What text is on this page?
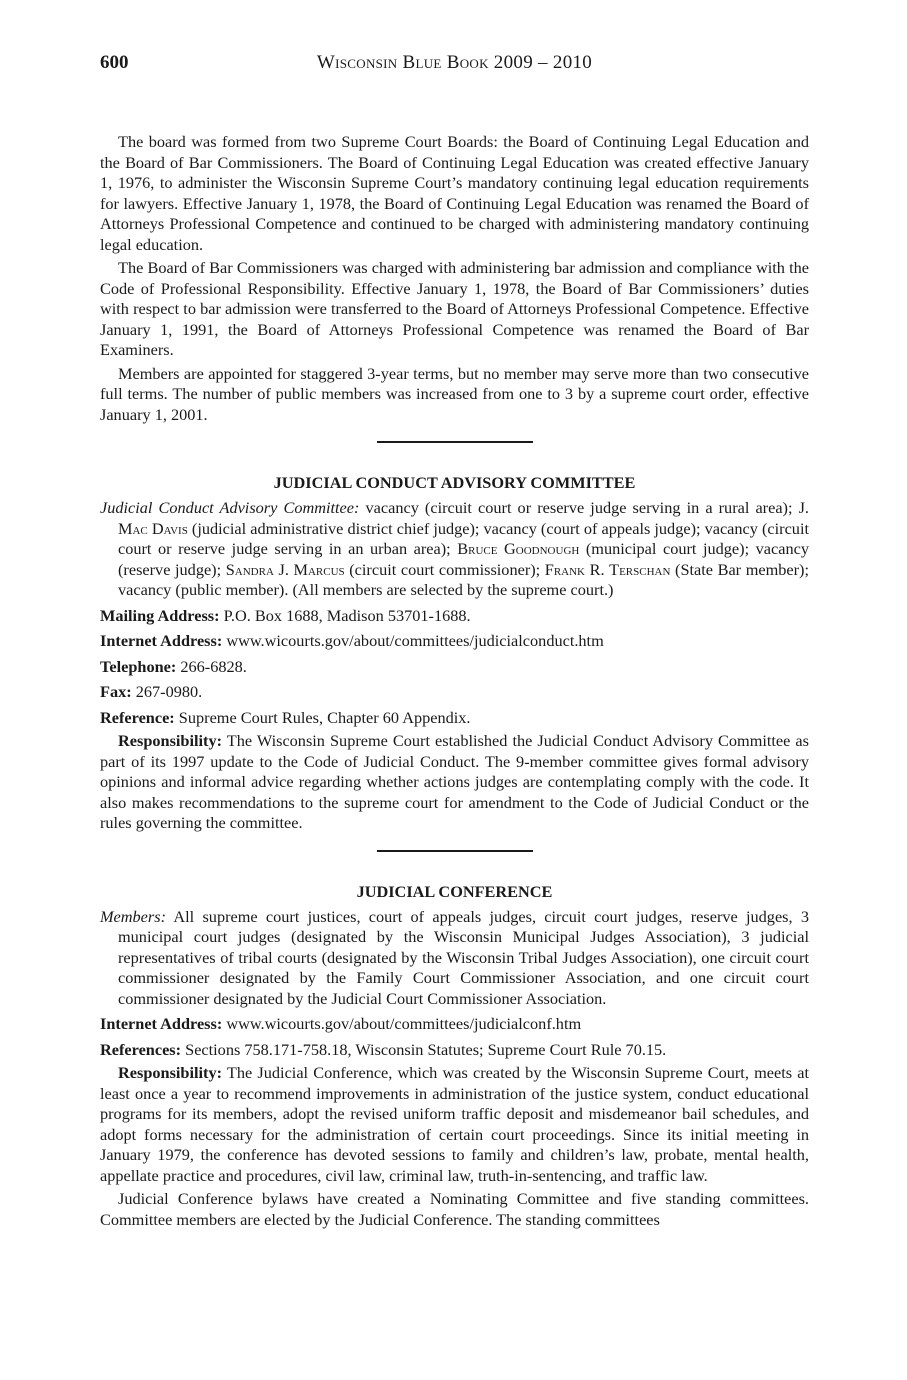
600	Wisconsin Blue Book 2009 – 2010

The board was formed from two Supreme Court Boards: the Board of Continuing Legal Education and the Board of Bar Commissioners. The Board of Continuing Legal Education was created effective January 1, 1976, to administer the Wisconsin Supreme Court’s mandatory continuing legal education requirements for lawyers. Effective January 1, 1978, the Board of Continuing Legal Education was renamed the Board of Attorneys Professional Competence and continued to be charged with administering mandatory continuing legal education.

The Board of Bar Commissioners was charged with administering bar admission and compliance with the Code of Professional Responsibility. Effective January 1, 1978, the Board of Bar Commissioners’ duties with respect to bar admission were transferred to the Board of Attorneys Professional Competence. Effective January 1, 1991, the Board of Attorneys Professional Competence was renamed the Board of Bar Examiners.

Members are appointed for staggered 3-year terms, but no member may serve more than two consecutive full terms. The number of public members was increased from one to 3 by a supreme court order, effective January 1, 2001.

JUDICIAL CONDUCT ADVISORY COMMITTEE

Judicial Conduct Advisory Committee: vacancy (circuit court or reserve judge serving in a rural area); J. Mac Davis (judicial administrative district chief judge); vacancy (court of appeals judge); vacancy (circuit court or reserve judge serving in an urban area); Bruce Goodnough (municipal court judge); vacancy (reserve judge); Sandra J. Marcus (circuit court commissioner); Frank R. Terschan (State Bar member); vacancy (public member). (All members are selected by the supreme court.)

Mailing Address: P.O. Box 1688, Madison 53701-1688.

Internet Address: www.wicourts.gov/about/committees/judicialconduct.htm

Telephone: 266-6828.

Fax: 267-0980.

Reference: Supreme Court Rules, Chapter 60 Appendix.

Responsibility: The Wisconsin Supreme Court established the Judicial Conduct Advisory Committee as part of its 1997 update to the Code of Judicial Conduct. The 9-member committee gives formal advisory opinions and informal advice regarding whether actions judges are contemplating comply with the code. It also makes recommendations to the supreme court for amendment to the Code of Judicial Conduct or the rules governing the committee.

JUDICIAL CONFERENCE

Members: All supreme court justices, court of appeals judges, circuit court judges, reserve judges, 3 municipal court judges (designated by the Wisconsin Municipal Judges Association), 3 judicial representatives of tribal courts (designated by the Wisconsin Tribal Judges Association), one circuit court commissioner designated by the Family Court Commissioner Association, and one circuit court commissioner designated by the Judicial Court Commissioner Association.

Internet Address: www.wicourts.gov/about/committees/judicialconf.htm

References: Sections 758.171-758.18, Wisconsin Statutes; Supreme Court Rule 70.15.

Responsibility: The Judicial Conference, which was created by the Wisconsin Supreme Court, meets at least once a year to recommend improvements in administration of the justice system, conduct educational programs for its members, adopt the revised uniform traffic deposit and misdemeanor bail schedules, and adopt forms necessary for the administration of certain court proceedings. Since its initial meeting in January 1979, the conference has devoted sessions to family and children’s law, probate, mental health, appellate practice and procedures, civil law, criminal law, truth-in-sentencing, and traffic law.

Judicial Conference bylaws have created a Nominating Committee and five standing committees. Committee members are elected by the Judicial Conference. The standing committees
